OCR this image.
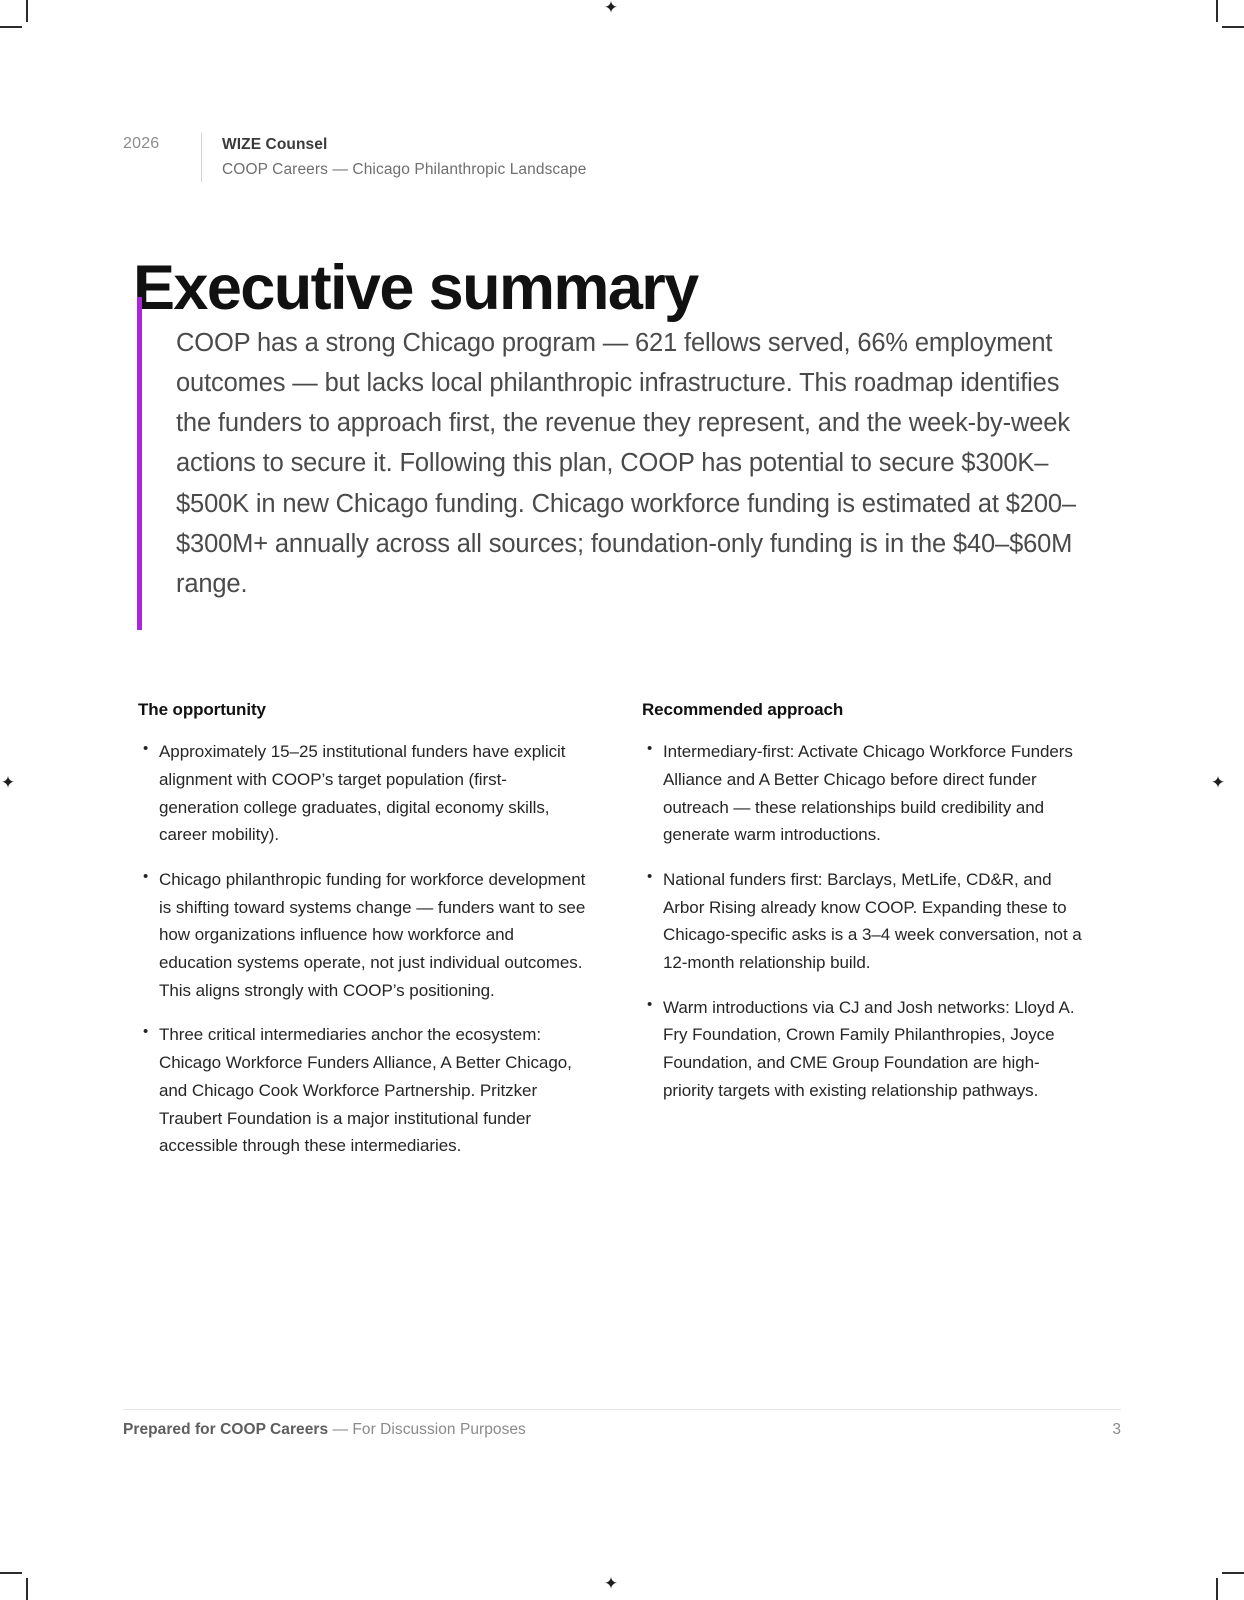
✦
✦
✦	✦
2026	WIZE Counsel
COOP Careers — Chicago Philanthropic Landscape
Executive summary

COOP has a strong Chicago program — 621 fellows served, 66% employment outcomes — but lacks local philanthropic infrastructure. This roadmap identifies the funders to approach first, the revenue they represent, and the week-by-week actions to secure it. Following this plan, COOP has potential to secure $300K–$500K in new Chicago funding. Chicago workforce funding is estimated at $200–$300M+ annually across all sources; foundation-only funding is in the $40–$60M range.

The opportunity
• Approximately 15–25 institutional funders have explicit alignment with COOP’s target population (first-generation college graduates, digital economy skills, career mobility).
• Chicago philanthropic funding for workforce development is shifting toward systems change — funders want to see how organizations influence how workforce and education systems operate, not just individual outcomes. This aligns strongly with COOP’s positioning.
• Three critical intermediaries anchor the ecosystem: Chicago Workforce Funders Alliance, A Better Chicago, and Chicago Cook Workforce Partnership. Pritzker Traubert Foundation is a major institutional funder accessible through these intermediaries.
Recommended approach
• Intermediary-first: Activate Chicago Workforce Funders Alliance and A Better Chicago before direct funder outreach — these relationships build credibility and generate warm introductions.
• National funders first: Barclays, MetLife, CD&R, and Arbor Rising already know COOP. Expanding these to Chicago-specific asks is a 3–4 week conversation, not a 12-month relationship build.
• Warm introductions via CJ and Josh networks: Lloyd A. Fry Foundation, Crown Family Philanthropies, Joyce Foundation, and CME Group Foundation are high-priority targets with existing relationship pathways.
Prepared for COOP Careers — For Discussion Purposes	3
